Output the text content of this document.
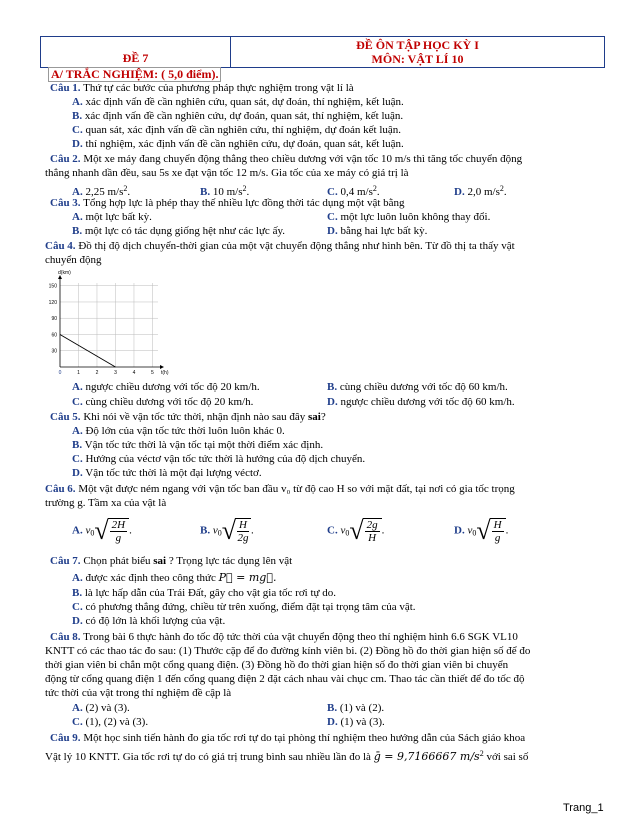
ĐỀ 7
ĐỀ ÔN TẬP HỌC KỲ I
MÔN: VẬT LÍ 10
A/ TRẮC NGHIỆM: ( 5,0 điểm).
Câu 1. Thứ tự các bước của phương pháp thực nghiệm trong vật lí là
A. xác định vấn đề cần nghiên cứu, quan sát, dự đoán, thí nghiệm, kết luận.
B. xác định vấn đề cần nghiên cứu, dự đoán, quan sát, thí nghiệm, kết luận.
C. quan sát, xác định vấn đề cần nghiên cứu, thí nghiệm, dự đoán kết luận.
D. thí nghiệm, xác định vấn đề cần nghiên cứu, dự đoán, quan sát, kết luận.
Câu 2. Một xe máy đang chuyển động thẳng theo chiều dương với vận tốc 10 m/s thì tăng tốc chuyển động
thẳng nhanh dần đều, sau 5s xe đạt vận tốc 12 m/s. Gia tốc của xe máy có giá trị là
A. 2,25 $m/s^2$.	B. 10 $m/s^2$.	C. 0,4 $m/s^2$.	D. 2,0 $m/s^2$.
Câu 3. Tổng hợp lực là phép thay thế nhiều lực đồng thời tác dụng một vật bằng
A. một lực bất kỳ.	C. một lực luôn luôn không thay đổi.
B. một lực có tác dụng giống hệt như các lực ấy.	D. bằng hai lực bất kỳ.
Câu 4. Đồ thị độ dịch chuyển-thời gian của một vật chuyển động thẳng như hình bên. Từ đồ thị ta thấy vật
chuyển động
30
60
90
120
150
0	1	2	3	4	5
d(km)
t(h)
A. ngược chiều dương với tốc độ 20 km/h.	B. cùng chiều dương với tốc độ 60 km/h.
C. cùng chiều dương với tốc độ 20 km/h.	D. ngược chiều dương với tốc độ 60 km/h.
Câu 5. Khi nói về vận tốc tức thời, nhận định nào sau đây sai?
A. Độ lớn của vận tốc tức thời luôn luôn khác 0.
B. Vận tốc tức thời là vận tốc tại một thời điểm xác định.
C. Hướng của véctơ vận tốc tức thời là hướng của độ dịch chuyển.
D. Vận tốc tức thời là một đại lượng véctơ.
Câu 6. Một vật được ném ngang với vận tốc ban đầu v₀ từ độ cao H so với mặt đất, tại nơi có gia tốc trọng
trường g. Tầm xa của vật là
A. $v_0$ √ $\frac{2H}{g}$ .	B. $v_0$ √ $\frac{H}{2g}$ .	C. $v_0$ √ $\frac{2g}{H}$ .	D. $v_0$ √ $\frac{H}{g}$ .
Câu 7. Chọn phát biểu sai ? Trọng lực tác dụng lên vật
A. được xác định theo công thức P⃗ = mg⃗.
B. là lực hấp dẫn của Trái Đất, gây cho vật gia tốc rơi tự do.
C. có phương thẳng đứng, chiều từ trên xuống, điểm đặt tại trọng tâm của vật.
D. có độ lớn là khối lượng của vật.
Câu 8. Trong bài 6 thực hành đo tốc độ tức thời của vật chuyển động theo thí nghiệm hình 6.6 SGK VL10
KNTT có các thao tác đo sau: (1) Thước cặp để đo đường kính viên bi. (2) Đồng hồ đo thời gian hiện số để đo
thời gian viên bi chắn một cổng quang điện. (3) Đồng hồ đo thời gian hiện số đo thời gian viên bi chuyển
động từ cổng quang điện 1 đến cổng quang điện 2 đặt cách nhau vài chục cm. Thao tác cần thiết để đo tốc độ
tức thời của vật trong thí nghiệm đề cập là
A. (2) và (3).	B. (1) và (2).
C. (1), (2) và (3).	D. (1) và (3).
Câu 9. Một học sinh tiến hành đo gia tốc rơi tự do tại phòng thí nghiệm theo hướng dẫn của Sách giáo khoa
Vật lý 10 KNTT. Gia tốc rơi tự do có giá trị trung bình sau nhiều lần đo là ḡ = 9,7166667 $m/s^2$ với sai số
Trang_1
